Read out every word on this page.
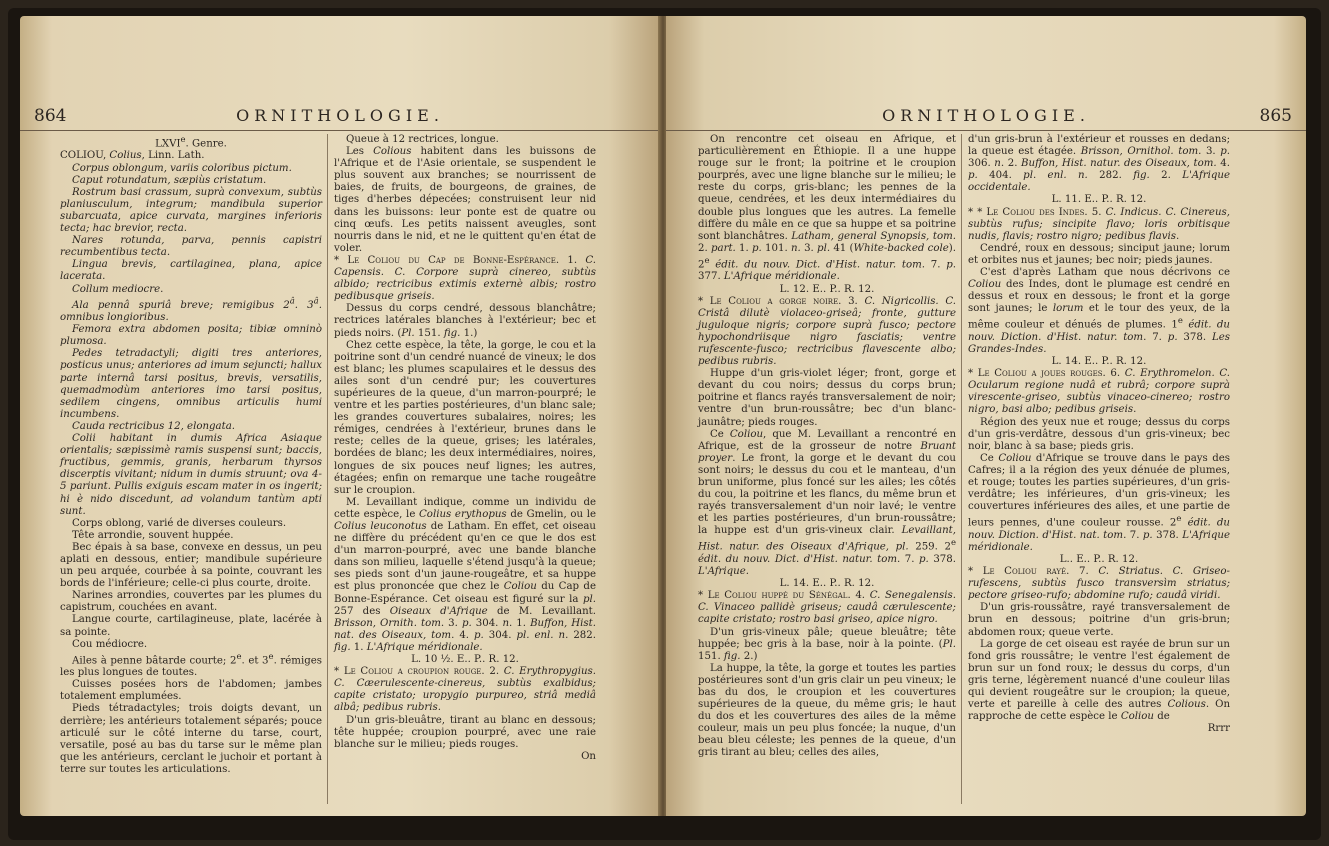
864	ORNITHOLOGIE.

LXVIe. Genre.

COLIOU, Colius, Linn. Lath.

Corpus oblongum, variis coloribus pictum.

Caput rotundatum, sæpiùs cristatum.

Rostrum basi crassum, suprà convexum, subtùs planiusculum, integrum; mandibula superior subarcuata, apice curvata, margines inferioris tecta; hac brevior, recta.

Nares rotunda, parva, pennis capistri recumbentibus tecta.

Lingua brevis, cartilaginea, plana, apice lacerata.

Collum mediocre.

Ala pennâ spuriâ breve; remigibus $2^â$. $3^â$. omnibus longioribus.

Femora extra abdomen posita; tibiæ omninò plumosa.

Pedes tetradactyli; digiti tres anteriores, posticus unus; anteriores ad imum sejuncti; hallux parte internâ tarsi positus, brevis, versatilis, quemadmodùm anteriores imo tarsi positus, sedilem cingens, omnibus articulis humi incumbens.

Cauda rectricibus 12, elongata.

Colii habitant in dumis Africa Asiaque orientalis; sæpissimè ramis suspensi sunt; baccis, fructibus, gemmis, granis, herbarum thyrsos discerptis vivitant; nidum in dumis struunt; ova 4-5 pariunt. Pullis exiguis escam mater in os ingerit; hi è nido discedunt, ad volandum tantùm apti sunt.

Corps oblong, varié de diverses couleurs.

Tête arrondie, souvent huppée.

Bec épais à sa base, convexe en dessus, un peu aplati en dessous, entier; mandibule supérieure un peu arquée, courbée à sa pointe, couvrant les bords de l'inférieure; celle-ci plus courte, droite.

Narines arrondies, couvertes par les plumes du capistrum, couchées en avant.

Langue courte, cartilagineuse, plate, lacérée à sa pointe.

Cou médiocre.

Ailes à penne bâtarde courte; 2e. et 3e. rémiges les plus longues de toutes.

Cuisses posées hors de l'abdomen; jambes totalement emplumées.

Pieds tétradactyles; trois doigts devant, un derrière; les antérieurs totalement séparés; pouce articulé sur le côté interne du tarse, court, versatile, posé au bas du tarse sur le même plan que les antérieurs, cerclant le juchoir et portant à terre sur toutes les articulations.

Queue à 12 rectrices, longue.

Les Colious habitent dans les buissons de l'Afrique et de l'Asie orientale, se suspendent le plus souvent aux branches; se nourrissent de baies, de fruits, de bourgeons, de graines, de tiges d'herbes dépecées; construisent leur nid dans les buissons: leur ponte est de quatre ou cinq œufs. Les petits naissent aveugles, sont nourris dans le nid, et ne le quittent qu'en état de voler.

* Le Coliou du Cap de Bonne-Espérance. 1. C. Capensis. C. Corpore suprà cinereo, subtùs albido; rectricibus extimis externè albis; rostro pedibusque griseis.

Dessus du corps cendré, dessous blanchâtre; rectrices latérales blanches à l'extérieur; bec et pieds noirs. (Pl. 151. fig. 1.)

Chez cette espèce, la tête, la gorge, le cou et la poitrine sont d'un cendré nuancé de vineux; le dos est blanc; les plumes scapulaires et le dessus des ailes sont d'un cendré pur; les couvertures supérieures de la queue, d'un marron-pourpré; le ventre et les parties postérieures, d'un blanc sale; les grandes couvertures subalaires, noires; les rémiges, cendrées à l'extérieur, brunes dans le reste; celles de la queue, grises; les latérales, bordées de blanc; les deux intermédiaires, noires, longues de six pouces neuf lignes; les autres, étagées; enfin on remarque une tache rougeâtre sur le croupion.

M. Levaillant indique, comme un individu de cette espèce, le Colius erythopus de Gmelin, ou le Colius leuconotus de Latham. En effet, cet oiseau ne diffère du précédent qu'en ce que le dos est d'un marron-pourpré, avec une bande blanche dans son milieu, laquelle s'étend jusqu'à la queue; ses pieds sont d'un jaune-rougeâtre, et sa huppe est plus prononcée que chez le Coliou du Cap de Bonne-Espérance. Cet oiseau est figuré sur la pl. 257 des Oiseaux d'Afrique de M. Levaillant. Brisson, Ornith. tom. 3. p. 304. n. 1. Buffon, Hist. nat. des Oiseaux, tom. 4. p. 304. pl. enl. n. 282. fig. 1. L'Afrique méridionale.

L. 10 ½. E.. P.. R. 12.

* Le Coliou a croupion rouge. 2. C. Erythropygius. C. Cæerulescente-cinereus, subtùs exalbidus; capite cristato; uropygio purpureo, striâ mediâ albâ; pedibus rubris.

D'un gris-bleuâtre, tirant au blanc en dessous; tête huppée; croupion pourpré, avec une raie blanche sur le milieu; pieds rouges.

On

ORNITHOLOGIE.	865

On rencontre cet oiseau en Afrique, et particulièrement en Éthiopie. Il a une huppe rouge sur le front; la poitrine et le croupion pourprés, avec une ligne blanche sur le milieu; le reste du corps, gris-blanc; les pennes de la queue, cendrées, et les deux intermédiaires du double plus longues que les autres. La femelle diffère du mâle en ce que sa huppe et sa poitrine sont blanchâtres. Latham, general Synopsis, tom. 2. part. 1. p. 101. n. 3. pl. 41 (White-backed cole). 2e édit. du nouv. Dict. d'Hist. natur. tom. 7. p. 377. L'Afrique méridionale.

L. 12. E.. P.. R. 12.

* Le Coliou a gorge noire. 3. C. Nigricollis. C. Cristâ dilutè violaceo-griseâ; fronte, gutture juguloque nigris; corpore suprà fusco; pectore hypochondriisque nigro fasciatis; ventre rufescente-fusco; rectricibus flavescente albo; pedibus rubris.

Huppe d'un gris-violet léger; front, gorge et devant du cou noirs; dessus du corps brun; poitrine et flancs rayés transversalement de noir; ventre d'un brun-roussâtre; bec d'un blanc-jaunâtre; pieds rouges.

Ce Coliou, que M. Levaillant a rencontré en Afrique, est de la grosseur de notre Bruant proyer. Le front, la gorge et le devant du cou sont noirs; le dessus du cou et le manteau, d'un brun uniforme, plus foncé sur les ailes; les côtés du cou, la poitrine et les flancs, du même brun et rayés transversalement d'un noir lavé; le ventre et les parties postérieures, d'un brun-roussâtre; la huppe est d'un gris-vineux clair. Levaillant, Hist. natur. des Oiseaux d'Afrique, pl. 259. 2e édit. du nouv. Dict. d'Hist. natur. tom. 7. p. 378. L'Afrique.

L. 14. E.. P.. R. 12.

* Le Coliou huppé du Sénégal. 4. C. Senegalensis. C. Vinaceo pallidè griseus; caudâ cærulescente; capite cristato; rostro basi griseo, apice nigro.

D'un gris-vineux pâle; queue bleuâtre; tête huppée; bec gris à la base, noir à la pointe. (Pl. 151. fig. 2.)

La huppe, la tête, la gorge et toutes les parties postérieures sont d'un gris clair un peu vineux; le bas du dos, le croupion et les couvertures supérieures de la queue, du même gris; le haut du dos et les couvertures des ailes de la même couleur, mais un peu plus foncée; la nuque, d'un beau bleu céleste; les pennes de la queue, d'un gris tirant au bleu; celles des ailes,

d'un gris-brun à l'extérieur et rousses en dedans; la queue est étagée. Brisson, Ornithol. tom. 3. p. 306. n. 2. Buffon, Hist. natur. des Oiseaux, tom. 4. p. 404. pl. enl. n. 282. fig. 2. L'Afrique occidentale.

L. 11. E.. P.. R. 12.

* * Le Coliou des Indes. 5. C. Indicus. C. Cinereus, subtùs rufus; sincipite flavo; loris orbitisque nudis, flavis; rostro nigro; pedibus flavis.

Cendré, roux en dessous; sinciput jaune; lorum et orbites nus et jaunes; bec noir; pieds jaunes.

C'est d'après Latham que nous décrivons ce Coliou des Indes, dont le plumage est cendré en dessus et roux en dessous; le front et la gorge sont jaunes; le lorum et le tour des yeux, de la même couleur et dénués de plumes. 1e édit. du nouv. Diction. d'Hist. natur. tom. 7. p. 378. Les Grandes-Indes.

L. 14. E.. P.. R. 12.

* Le Coliou a joues rouges. 6. C. Erythromelon. C. Ocularum regione nudâ et rubrâ; corpore suprà virescente-griseo, subtùs vinaceo-cinereo; rostro nigro, basi albo; pedibus griseis.

Région des yeux nue et rouge; dessus du corps d'un gris-verdâtre, dessous d'un gris-vineux; bec noir, blanc à sa base; pieds gris.

Ce Coliou d'Afrique se trouve dans le pays des Cafres; il a la région des yeux dénuée de plumes, et rouge; toutes les parties supérieures, d'un gris-verdâtre; les inférieures, d'un gris-vineux; les couvertures inférieures des ailes, et une partie de leurs pennes, d'une couleur rousse. 2e édit. du nouv. Diction. d'Hist. nat. tom. 7. p. 378. L'Afrique méridionale.

L.. E.. P.. R. 12.

* Le Coliou rayé. 7. C. Striatus. C. Griseo-rufescens, subtùs fusco transversìm striatus; pectore griseo-rufo; abdomine rufo; caudâ viridi.

D'un gris-roussâtre, rayé transversalement de brun en dessous; poitrine d'un gris-brun; abdomen roux; queue verte.

La gorge de cet oiseau est rayée de brun sur un fond gris roussâtre; le ventre l'est également de brun sur un fond roux; le dessus du corps, d'un gris terne, légèrement nuancé d'une couleur lilas qui devient rougeâtre sur le croupion; la queue, verte et pareille à celle des autres Colious. On rapproche de cette espèce le Coliou de

Rrrr
